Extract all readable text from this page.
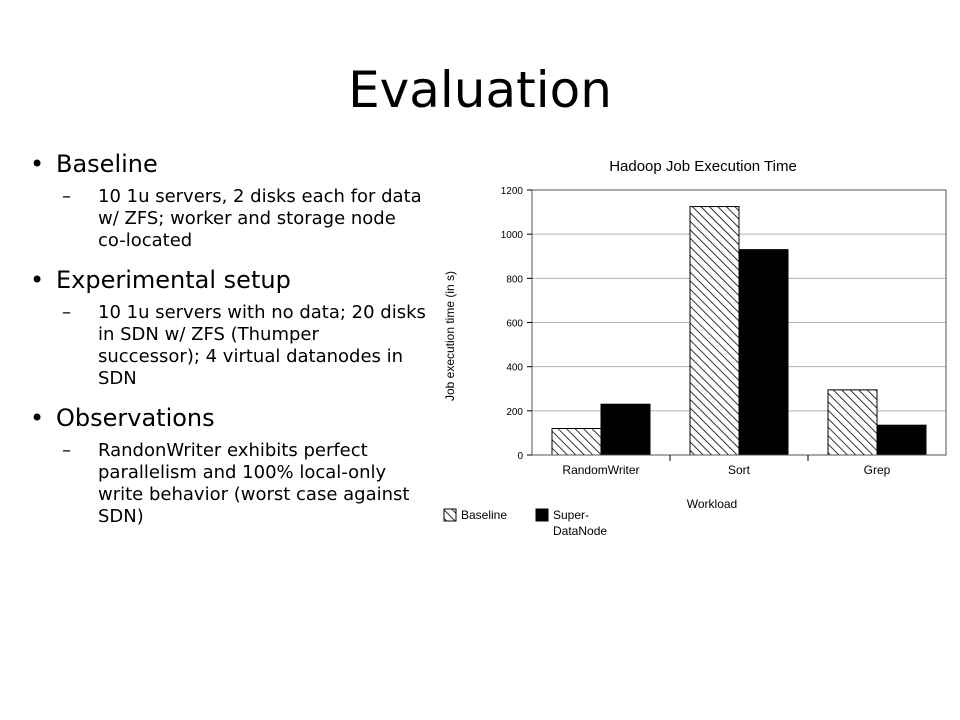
Evaluation
• Baseline
– 10 1u servers, 2 disks each for data w/ ZFS; worker and storage node co-located
• Experimental setup
– 10 1u servers with no data; 20 disks in SDN w/ ZFS (Thumper successor); 4 virtual datanodes in SDN
• Observations
– RandonWriter exhibits perfect parallelism and 100% local-only write behavior (worst case against SDN)
Hadoop Job Execution Time
Job execution time (in s)
Workload
0
200
400
600
800
1000
1200
RandomWriter	Sort	Grep
Baseline	Super-DataNode
